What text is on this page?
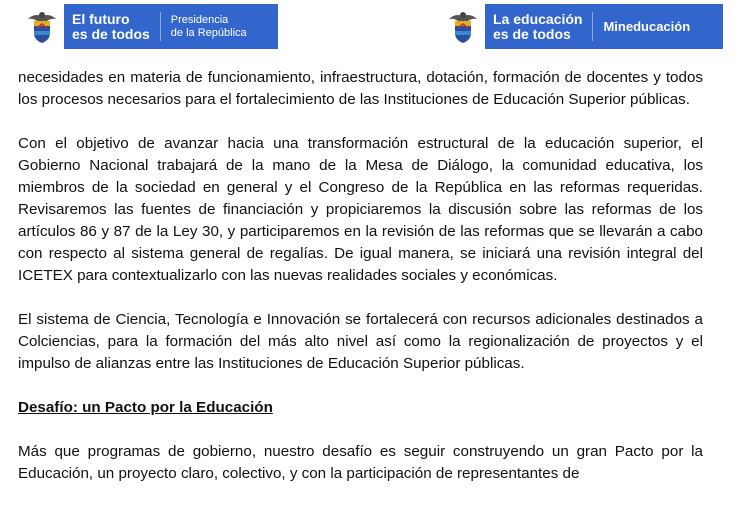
El futuro
es de todos
Presidencia
de la República
La educación
es de todos	Mineducación

necesidades en materia de funcionamiento, infraestructura, dotación, formación de docentes y todos los procesos necesarios para el fortalecimiento de las Instituciones de Educación Superior públicas.

Con el objetivo de avanzar hacia una transformación estructural de la educación superior, el Gobierno Nacional trabajará de la mano de la Mesa de Diálogo, la comunidad educativa, los miembros de la sociedad en general y el Congreso de la República en las reformas requeridas. Revisaremos las fuentes de financiación y propiciaremos la discusión sobre las reformas de los artículos 86 y 87 de la Ley 30, y participaremos en la revisión de las reformas que se llevarán a cabo con respecto al sistema general de regalías. De igual manera, se iniciará una revisión integral del ICETEX para contextualizarlo con las nuevas realidades sociales y económicas.

El sistema de Ciencia, Tecnología e Innovación se fortalecerá con recursos adicionales destinados a Colciencias, para la formación del más alto nivel así como la regionalización de proyectos y el impulso de alianzas entre las Instituciones de Educación Superior públicas.

Desafío: un Pacto por la Educación

Más que programas de gobierno, nuestro desafío es seguir construyendo un gran Pacto por la Educación, un proyecto claro, colectivo, y con la participación de representantes de
